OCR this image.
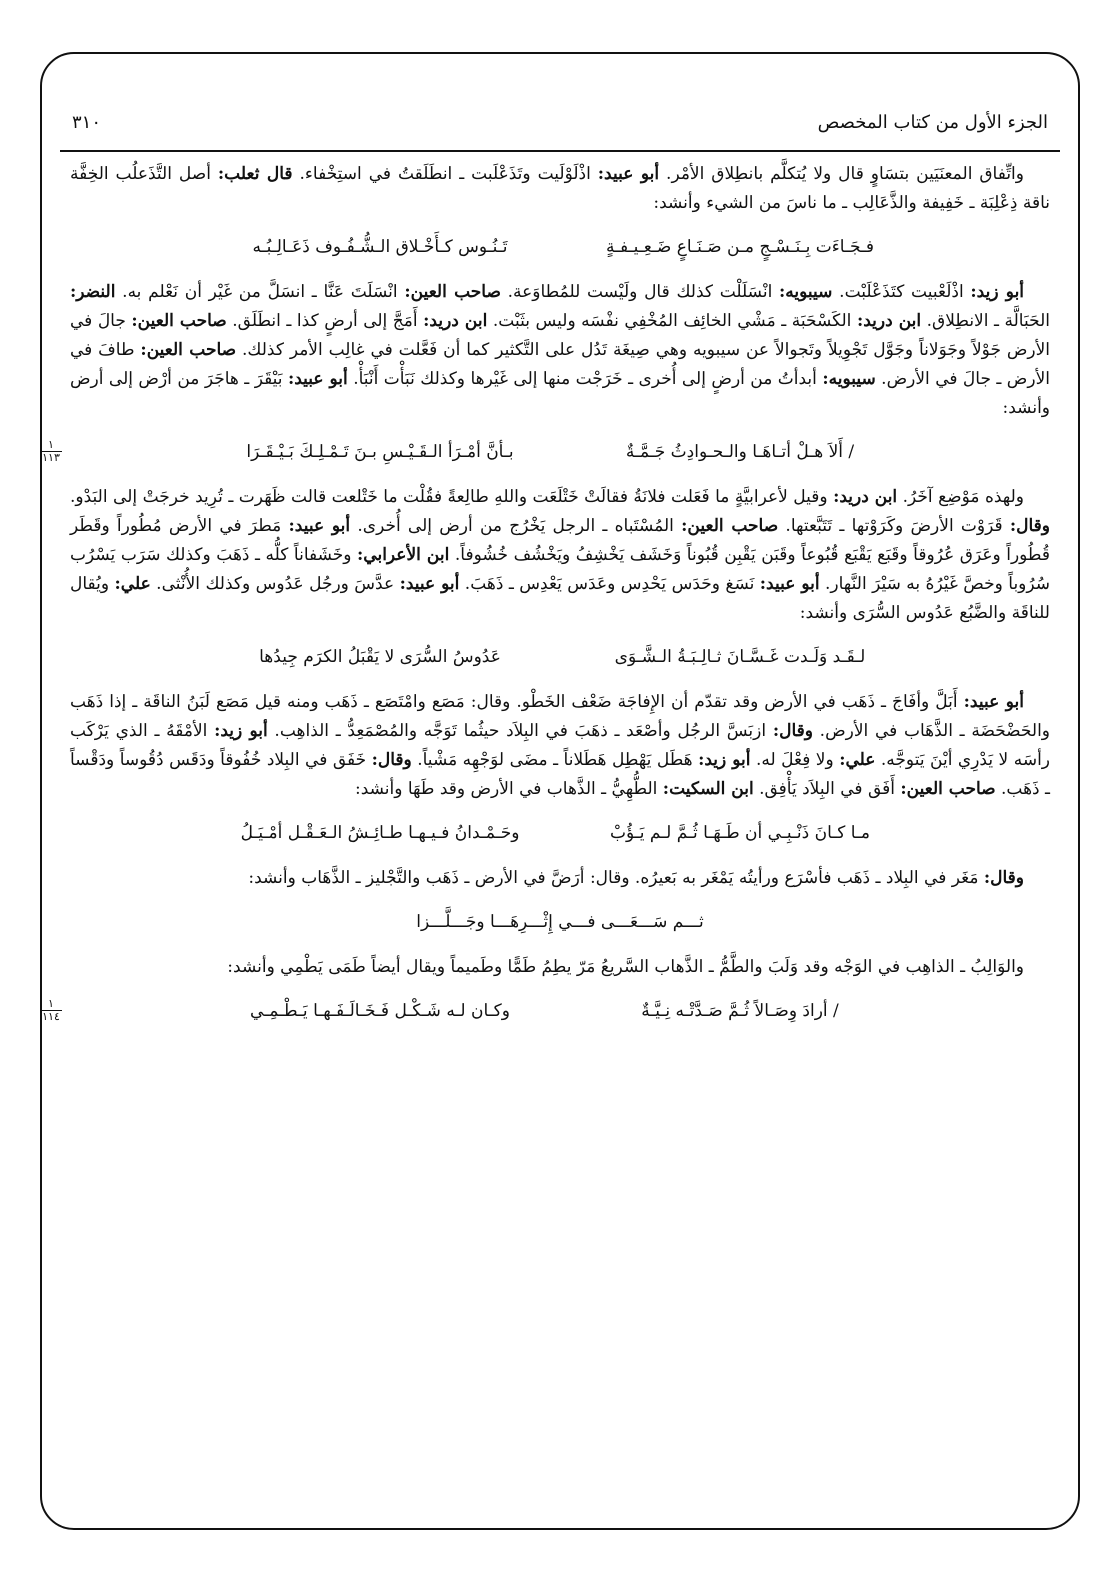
٣١٠	الجزء الأول من كتاب المخصص

واتِّفاق المعنَيَين بتسَاوٍ قال ولا يُتكلَّم بانطِلاق الأمْر. أبو عبيد: اذْلَوْلَيت وتَذَعْلَبت ـ انطَلَقتُ في استِخْفاء. قال ثعلب: أصل التَّذَعلُب الخِفَّة ناقة ذِعْلِبَة ـ خَفِيفة والذَّعَالِب ـ ما ناسَ من الشيء وأنشد:

فـجَـاءَت بِـنَـسْـجٍ مـن صَـنَـاعٍ ضَـعِـيـفـةٍ
تَـنُـوس كـأَخْـلاق الـشُّـفُـوف ذَعَـالِـبُـه

أبو زيد: اذْلَعْبيت كتَذَعْلَبْت. سيبويه: انْسَلَلْت كذلك قال ولَيْست للمُطاوَعة. صاحب العين: انْسَلَتَ عَنَّا ـ انسَلَّ من غَيْر أن نَعْلم به. النضر: الحَبَالَّة ـ الانطِلاق. ابن دريد: الكَسْحَبَة ـ مَشْي الخائِف المُخْفِي نفْسَه وليس بثَبْت. ابن دريد: أَمَجَّ إلى أرضٍ كذا ـ انطَلَق. صاحب العين: جالَ في الأرض جَوْلاً وجَوَلاناً وجَوَّل تَجْوِيلاً وتَجوالاً عن سيبويه وهي صِيغَة تَدُل على التَّكثير كما أن فَعَّلت في غالِب الأمر كذلك. صاحب العين: طافَ في الأرض ـ جالَ في الأرض. سيبويه: أبدأتُ من أرضٍ إلى أُخرى ـ خَرَجْت منها إلى غَيْرها وكذلك نَبَأْت أَنْبَأْ. أبو عبيد: بَيْقَرَ ـ هاجَرَ من أرْض إلى أرض وأنشد:

/ أَلاَ هـلْ أتـاهَـا والـحـوادِثُ جَـمَّـةٌ
بـأنَّ أمْـرَأ الـقَـيْـسِ بـنَ تَـمْـلِـكَ بَـيْـقَـرَا
١
١١٣

ولهذه مَوْضِع آخَرُ. ابن دريد: وقيل لأعرابيَّةٍ ما فَعَلت فلانَةُ فقالَتْ خَتْلَعَت واللهِ طالِعةً فقُلْت ما خَتْلعت قالت ظَهَرت ـ تُرِيد خرجَتْ إلى البَدْو. وقال: قَرَوْت الأرضَ وكَرَوْتها ـ تَتَبَّعتها. صاحب العين: المُسْتَباه ـ الرجل يَخْرُج من أرض إلى أُخرى. أبو عبيد: مَطرَ في الأرض مُطُوراً وقَطَر قُطُوراً وعَرَق عُرُوقاً وقَبَع يَقْبَع قُبُوعاً وقَبَن يَقْبِن قُبُوناً وَخَشَف يَخْشِفُ ويَخْشُف خُشُوفاً. ابن الأعرابي: وخَشَفاناً كلُّه ـ ذَهَبَ وكذلك سَرَب يَسْرُب سُرُوباً وخصَّ غَيْرُهُ به سَيْرَ النَّهار. أبو عبيد: نَسَغ وحَدَس يَحْدِس وعَدَس يَعْدِس ـ ذَهَبَ. أبو عبيد: عدَّسَ ورجُل عَدُوس وكذلك الأُنْثى. علي: ويُقال للناقَة والضَّبُع عَدُوس السُّرَى وأنشد:

لـقَـد وَلَـدت غَـسَّـانَ ثـالِـبَـةُ الـشَّـوَى
عَدُوسُ السُّرَى لا يَقْبَلُ الكرَم جِيدُها

أبو عبيد: أَبَلَّ وأفَاجَ ـ ذَهَب في الأرض وقد تقدّم أن الإِفاجَة ضَعْف الخَطْو. وقال: مَصَع وامْتَصَع ـ ذَهَب ومنه قيل مَصَع لَبَنُ الناقَة ـ إذا ذَهَب والحَضْحَضَة ـ الذَّهَاب في الأرض. وقال: ازبَسَّ الرجُل وأصْعَد ـ ذهَبَ في البِلاَد حيثُما تَوَجَّه والمُصْمَعِدُّ ـ الذاهِب. أبو زيد: الأمْقَهُ ـ الذي يَرْكَب رأسَه لا يَدْرِي أيْنَ يَتوجَّه. علي: ولا فِعْلَ له. أبو زيد: هَطَل يَهْطِل هَطَلاناً ـ مضَى لوَجْهِه مَشْياً. وقال: خَفَق في البِلاد خُفُوقاً ودَقَس دُقُوساً ودَقْساً ـ ذَهَب. صاحب العين: أَفَق في البِلاَد يَأْفِق. ابن السكيت: الطُّهِيُّ ـ الذَّهاب في الأرض وقد طَهَا وأنشد:

مـا كـانَ ذَنْـبِـي أن طَـهَـا ثُـمَّ لـم يَـؤُبْ
وحَـمْـدانُ فـيـهـا طـائِـشُ الـعَـقْـل أمْـيَـلُ

وقال: مَغَر في البِلاد ـ ذَهَب فأسْرَع ورأيتُه يَمْغَر به بَعيرُه. وقال: أرَضَّ في الأرض ـ ذَهَب والتَّجْليز ـ الذَّهَاب وأنشد:

ثـــم سَـــعَـــى فـــي إِثْـــرِهَـــا وجَـــلَّـــزا

والوَالِبُ ـ الذاهِب في الوَجْه وقد وَلَبَ والطَّمُّ ـ الذَّهاب السَّريعُ مَرّ يطِمُ طَمًّا وطَميماً ويقال أيضاً طَمَى يَطْمِي وأنشد:

/ أرادَ وِصَـالاً ثُـمَّ صَـدَّتْـه نِـيَّـةٌ
وكـان لـه شَـكْـل فَـخَـالَـفَـهـا يَـطْـمِـي
١
١١٤
